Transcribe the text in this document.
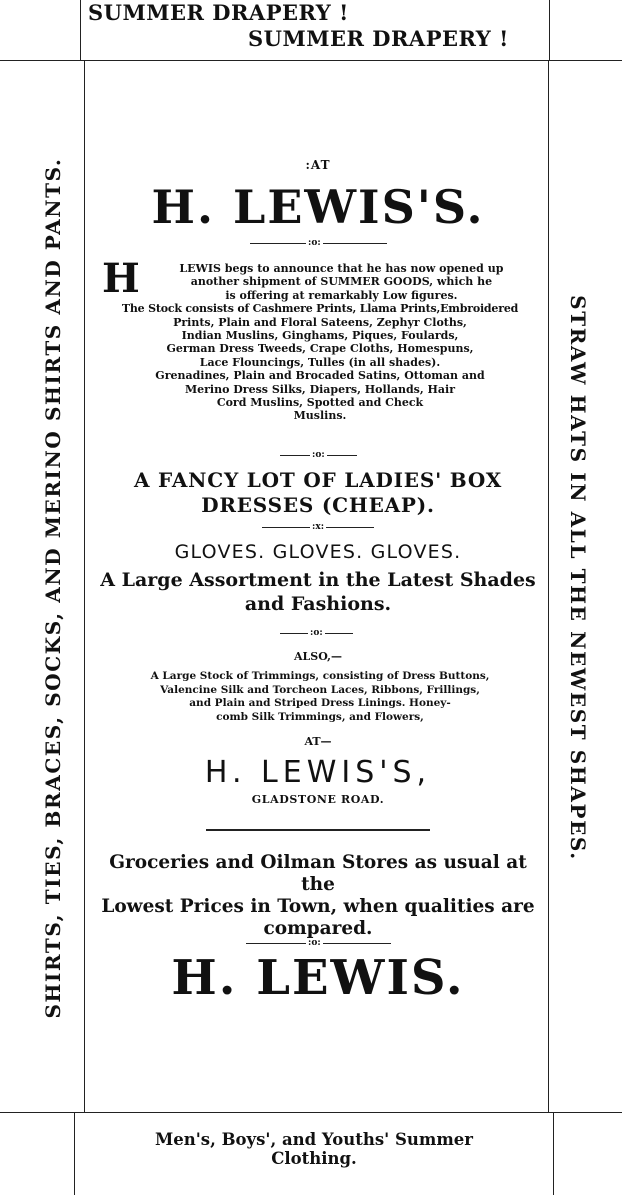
SUMMER DRAPERY !
SUMMER DRAPERY !
SHIRTS, TIES, BRACES, SOCKS, AND MERINO SHIRTS AND PANTS.	STRAW HATS IN ALL THE NEWEST SHAPES.
:AT
H. LEWIS'S.
:o:
H	LEWIS begs to announce that he has now opened up

another shipment of SUMMER GOODS, which he

is offering at remarkably Low figures.

The Stock consists of Cashmere Prints, Llama Prints,Embroidered

Prints, Plain and Floral Sateens, Zephyr Cloths,

Indian Muslins, Ginghams, Piques, Foulards,

German Dress Tweeds, Crape Cloths, Homespuns,

Lace Flouncings, Tulles (in all shades).

Grenadines, Plain and Brocaded Satins, Ottoman and

Merino Dress Silks, Diapers, Hollands, Hair

Cord Muslins, Spotted and Check

Muslins.

:o:
A FANCY LOT OF LADIES' BOX
DRESSES (CHEAP).
:x:
GLOVES. GLOVES. GLOVES.
A Large Assortment in the Latest Shades
and Fashions.
:o:
ALSO,—
A Large Stock of Trimmings, consisting of Dress Buttons,
Valencine Silk and Torcheon Laces, Ribbons, Frillings,
and Plain and Striped Dress Linings. Honey-
comb Silk Trimmings, and Flowers,
AT—
H. LEWIS'S,
GLADSTONE ROAD.
Groceries and Oilman Stores as usual at the
Lowest Prices in Town, when qualities are
compared.
:o:
H. LEWIS.
Men's, Boys', and Youths' Summer
Clothing.
